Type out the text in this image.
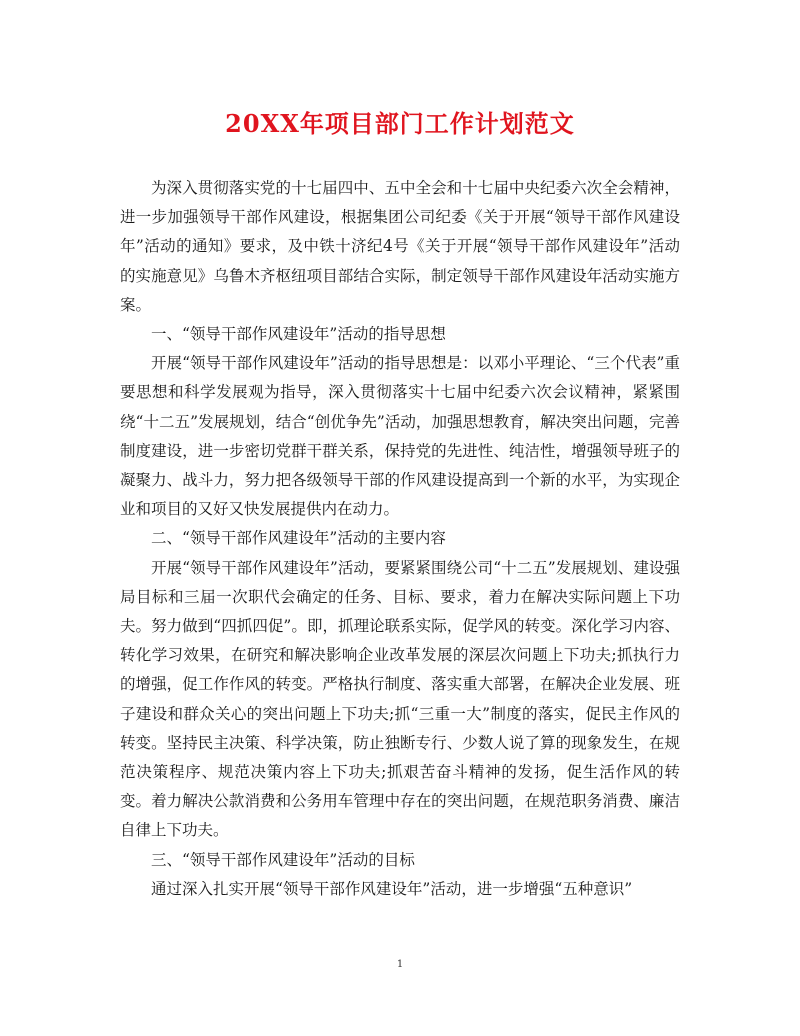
20XX年项目部门工作计划范文

为深入贯彻落实党的十七届四中、五中全会和十七届中央纪委六次全会精神，进一步加强领导干部作风建设，根据集团公司纪委《关于开展“领导干部作风建设年”活动的通知》要求，及中铁十济纪4号《关于开展“领导干部作风建设年”活动的实施意见》乌鲁木齐枢纽项目部结合实际，制定领导干部作风建设年活动实施方案。

一、“领导干部作风建设年”活动的指导思想

开展“领导干部作风建设年”活动的指导思想是：以邓小平理论、“三个代表”重要思想和科学发展观为指导，深入贯彻落实十七届中纪委六次会议精神，紧紧围绕“十二五”发展规划，结合“创优争先”活动，加强思想教育，解决突出问题，完善制度建设，进一步密切党群干群关系，保持党的先进性、纯洁性，增强领导班子的凝聚力、战斗力，努力把各级领导干部的作风建设提高到一个新的水平，为实现企业和项目的又好又快发展提供内在动力。

二、“领导干部作风建设年”活动的主要内容

开展“领导干部作风建设年”活动，要紧紧围绕公司“十二五”发展规划、建设强局目标和三届一次职代会确定的任务、目标、要求，着力在解决实际问题上下功夫。努力做到“四抓四促”。即，抓理论联系实际，促学风的转变。深化学习内容、转化学习效果，在研究和解决影响企业改革发展的深层次问题上下功夫;抓执行力的增强，促工作作风的转变。严格执行制度、落实重大部署，在解决企业发展、班子建设和群众关心的突出问题上下功夫;抓“三重一大”制度的落实，促民主作风的转变。坚持民主决策、科学决策，防止独断专行、少数人说了算的现象发生，在规范决策程序、规范决策内容上下功夫;抓艰苦奋斗精神的发扬，促生活作风的转变。着力解决公款消费和公务用车管理中存在的突出问题，在规范职务消费、廉洁自律上下功夫。

三、“领导干部作风建设年”活动的目标

通过深入扎实开展“领导干部作风建设年”活动，进一步增强“五种意识”

1
